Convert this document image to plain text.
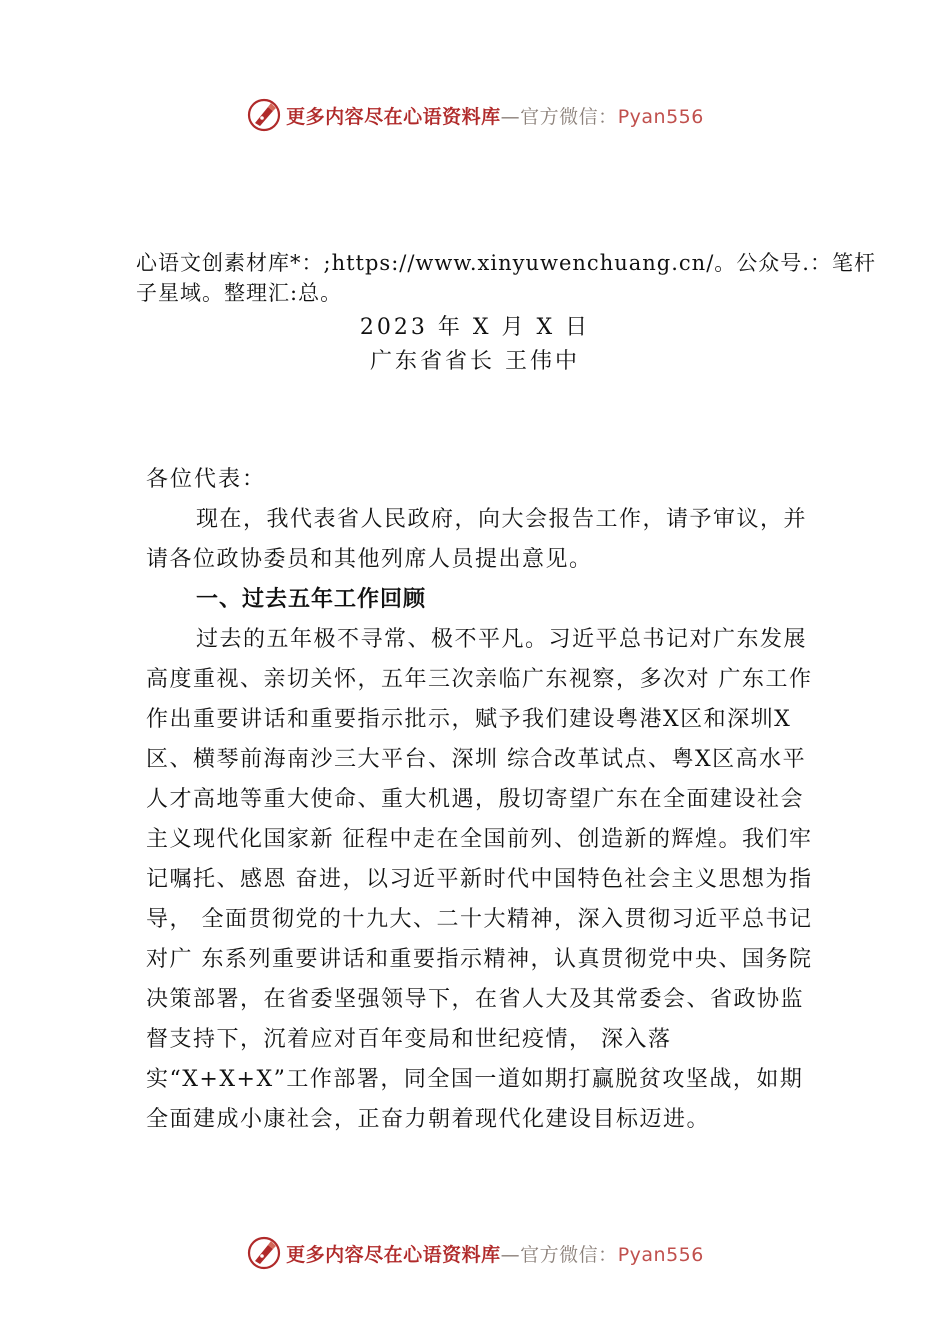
更多内容尽在心语资料库—官方微信：Pyan556

心语文创素材库*：;https://www.xinyuwenchuang.cn/。公众号.：笔杆子星域。整理汇:总。

2023 年 X 月 X 日

广东省省长 王伟中

各位代表：

现在，我代表省人民政府，向大会报告工作，请予审议，并请各位政协委员和其他列席人员提出意见。

一、过去五年工作回顾

过去的五年极不寻常、极不平凡。习近平总书记对广东发展高度重视、亲切关怀，五年三次亲临广东视察，多次对 广东工作作出重要讲话和重要指示批示，赋予我们建设粤港X区和深圳X区、横琴前海南沙三大平台、深圳 综合改革试点、粤X区高水平人才高地等重大使命、重大机遇，殷切寄望广东在全面建设社会主义现代化国家新 征程中走在全国前列、创造新的辉煌。我们牢记嘱托、感恩 奋进，以习近平新时代中国特色社会主义思想为指导， 全面贯彻党的十九大、二十大精神，深入贯彻习近平总书记对广 东系列重要讲话和重要指示精神，认真贯彻党中央、国务院 决策部署，在省委坚强领导下，在省人大及其常委会、省政协监督支持下，沉着应对百年变局和世纪疫情， 深入落实“X+X+X”工作部署，同全国一道如期打赢脱贫攻坚战，如期 全面建成小康社会，正奋力朝着现代化建设目标迈进。

更多内容尽在心语资料库—官方微信：Pyan556
